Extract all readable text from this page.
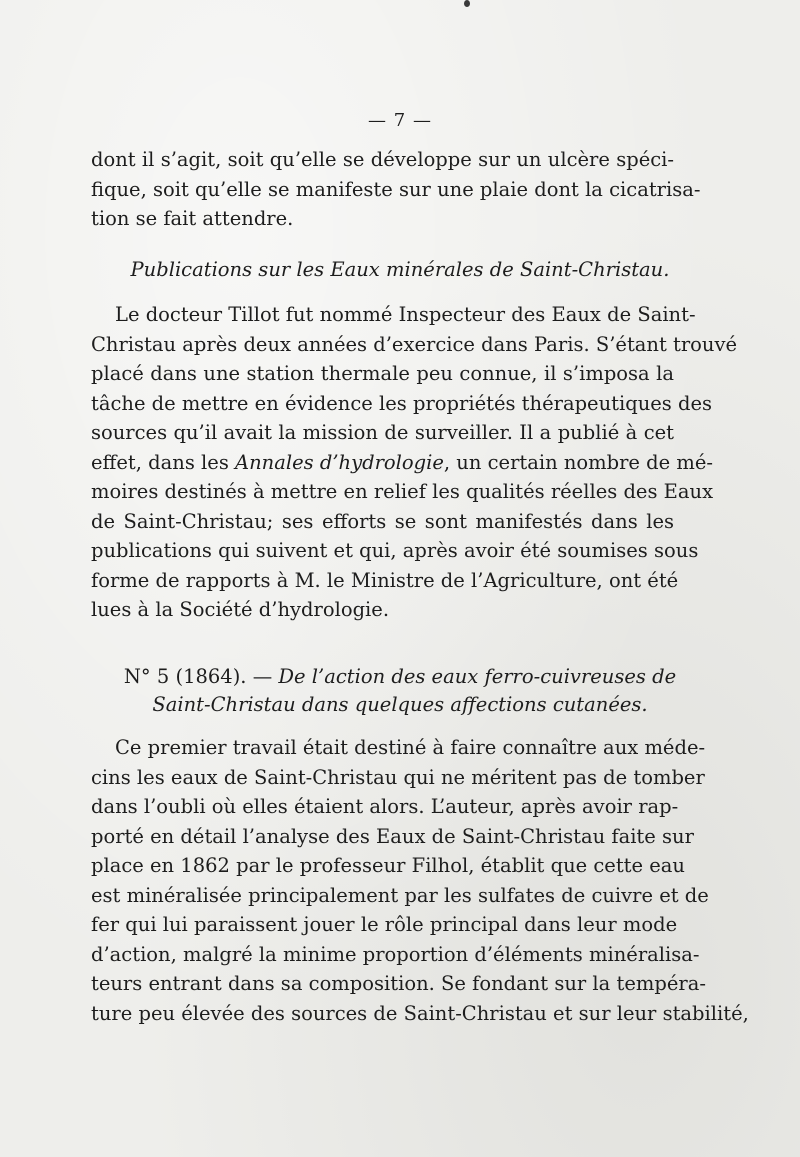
— 7 —
dont il s’agit, soit qu’elle se développe sur un ulcère spéci-
fique, soit qu’elle se manifeste sur une plaie dont la cicatrisa-
tion se fait attendre.
Publications sur les Eaux minérales de Saint-Christau.
Le docteur Tillot fut nommé Inspecteur des Eaux de Saint-
Christau après deux années d’exercice dans Paris. S’étant trouvé
placé dans une station thermale peu connue, il s’imposa la
tâche de mettre en évidence les propriétés thérapeutiques des
sources qu’il avait la mission de surveiller. Il a publié à cet
effet, dans les Annales d’hydrologie, un certain nombre de mé-
moires destinés à mettre en relief les qualités réelles des Eaux
de Saint-Christau; ses efforts se sont manifestés dans les
publications qui suivent et qui, après avoir été soumises sous
forme de rapports à M. le Ministre de l’Agriculture, ont été
lues à la Société d’hydrologie.
N° 5 (1864). — De l’action des eaux ferro-cuivreuses de
Saint-Christau dans quelques affections cutanées.
Ce premier travail était destiné à faire connaître aux méde-
cins les eaux de Saint-Christau qui ne méritent pas de tomber
dans l’oubli où elles étaient alors. L’auteur, après avoir rap-
porté en détail l’analyse des Eaux de Saint-Christau faite sur
place en 1862 par le professeur Filhol, établit que cette eau
est minéralisée principalement par les sulfates de cuivre et de
fer qui lui paraissent jouer le rôle principal dans leur mode
d’action, malgré la minime proportion d’éléments minéralisa-
teurs entrant dans sa composition. Se fondant sur la tempéra-
ture peu élevée des sources de Saint-Christau et sur leur stabilité,
